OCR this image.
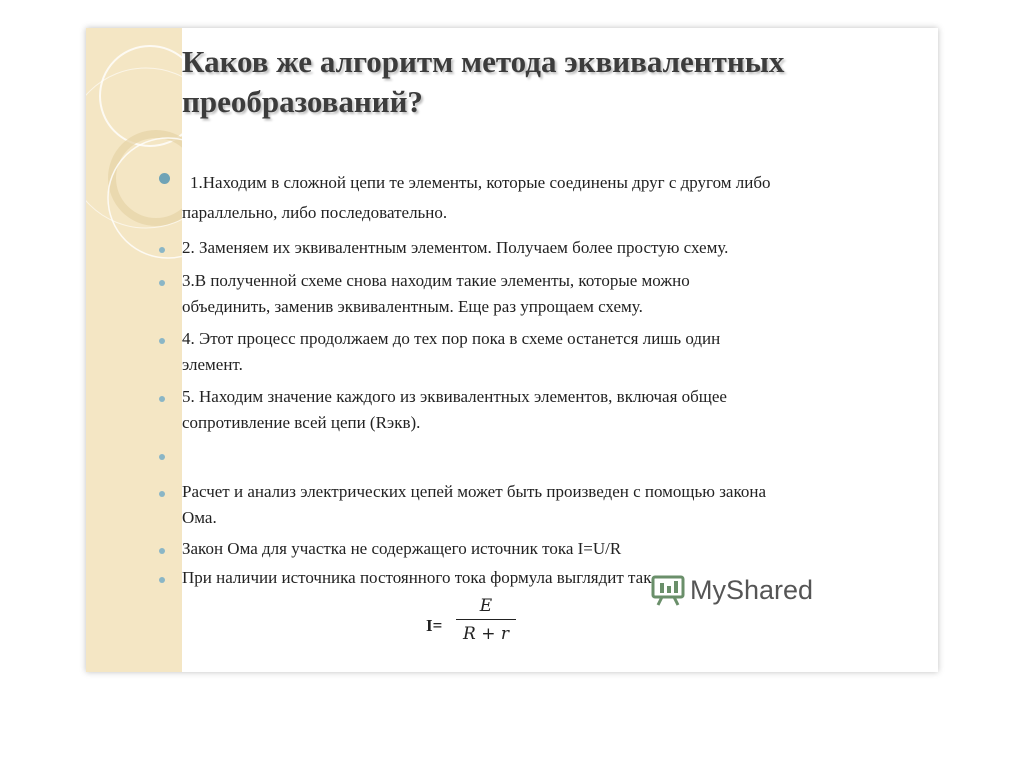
Каков же алгоритм метода эквивалентных преобразований?
1.Находим в сложной цепи те элементы, которые соединены друг с другом либо
параллельно, либо последовательно.
2. Заменяем их эквивалентным элементом. Получаем более простую схему.
3.В полученной схеме снова находим такие элементы, которые можно
объединить, заменив эквивалентным. Еще раз упрощаем схему.
4. Этот процесс продолжаем до тех пор пока в схеме останется лишь один
элемент.
5. Находим значение каждого из эквивалентных элементов, включая общее
сопротивление всей цепи (Rэкв).
Расчет и анализ электрических цепей может быть произведен с помощью закона
Ома.
Закон Ома для участка не содержащего источник тока I=U/R
При наличии источника постоянного тока формула выглядит так
I=
E
R + r
MyShared
